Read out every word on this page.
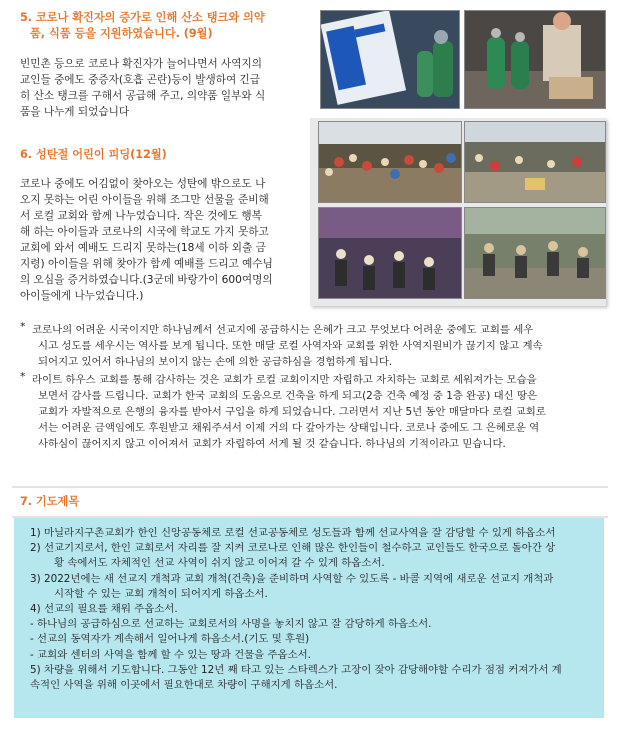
5. 코로나 확진자의 증가로 인해 산소 탱크와 의약
품, 식품 등을 지원하였습니다. (9월)
빈민촌 등으로 코로나 확진자가 늘어나면서 사역지의
교인들 중에도 중증자(호흡 곤란)등이 발생하여 긴급
히 산소 탱크를 구해서 공급해 주고, 의약품 일부와 식
품을 나누게 되었습니다
6. 성탄절 어린이 피딩(12월)
코로나 중에도 어김없이 찾아오는 성탄에 밖으로도 나
오지 못하는 어린 아이들을 위해 조그만 선물을 준비해
서 로컬 교회와 함께 나누었습니다. 작은 것에도 행복
해 하는 아이들과 코로나의 시국에 학교도 가지 못하고
교회에 와서 예배도 드리지 못하는(18세 이하 외출 금
지령) 아이들을 위해 찾아가 함께 예배를 드리고 예수님
의 오심을 증거하였습니다.(3군데 바랑가이 600여명의
아이들에게 나누었습니다.)
* 코로나의 어려운 시국이지만 하나님께서 선교지에 공급하시는 은혜가 크고 무엇보다 어려운 중에도 교회를 세우
시고 성도를 세우시는 역사를 보게 됩니다. 또한 매달 로컬 사역자와 교회를 위한 사역지원비가 끊기지 않고 계속
되어지고 있어서 하나님의 보이지 않는 손에 의한 공급하심을 경험하게 됩니다.
* 라이트 하우스 교회를 통해 감사하는 것은 교회가 로컬 교회이지만 자립하고 자치하는 교회로 세워져가는 모습을
보면서 감사를 드립니다. 교회가 한국 교회의 도움으로 건축을 하게 되고(2층 건축 예정 중 1층 완공) 대신 땅은
교회가 자발적으로 은행의 융자를 받아서 구입을 하게 되었습니다. 그러면서 지난 5년 동안 매달마다 로컬 교회로
서는 어려운 금액임에도 후원받고 채워주셔서 이제 거의 다 갚아가는 상태입니다. 코로나 중에도 그 은혜로운 역
사하심이 끊어지지 않고 이어져서 교회가 자립하여 서게 될 것 같습니다. 하나님의 기적이라고 믿습니다.
7. 기도제목
1) 마닐라지구촌교회가 한인 신앙공동체로 로컬 선교공동체로 성도들과 함께 선교사역을 잘 감당할 수 있게 하옵소서
2) 선교기지로서, 한인 교회로서 자리를 잘 지켜 코로나로 인해 많은 한인들이 철수하고 교인들도 한국으로 돌아간 상
황 속에서도 자체적인 선교 사역이 쉬지 않고 이어져 갈 수 있게 하옵소서.
3) 2022년에는 새 선교지 개척과 교회 개척(건축)을 준비하며 사역할 수 있도록 - 바콜 지역에 새로운 선교지 개척과
시작할 수 있는 교회 개척이 되어지게 하옵소서.
4) 선교의 필요를 채워 주옵소서.
- 하나님의 공급하심으로 선교하는 교회로서의 사명을 놓치지 않고 잘 감당하게 하옵소서.
- 선교의 동역자가 계속해서 일어나게 하옵소서.(기도 및 후원)
- 교회와 센터의 사역을 함께 할 수 있는 땅과 건물을 주옵소서.
5) 차량을 위해서 기도합니다. 그동안 12년 째 타고 있는 스타렉스가 고장이 잦아 감당해야할 수리가 점점 커져가서 계
속적인 사역을 위해 이곳에서 필요한대로 차량이 구해지게 하옵소서.
